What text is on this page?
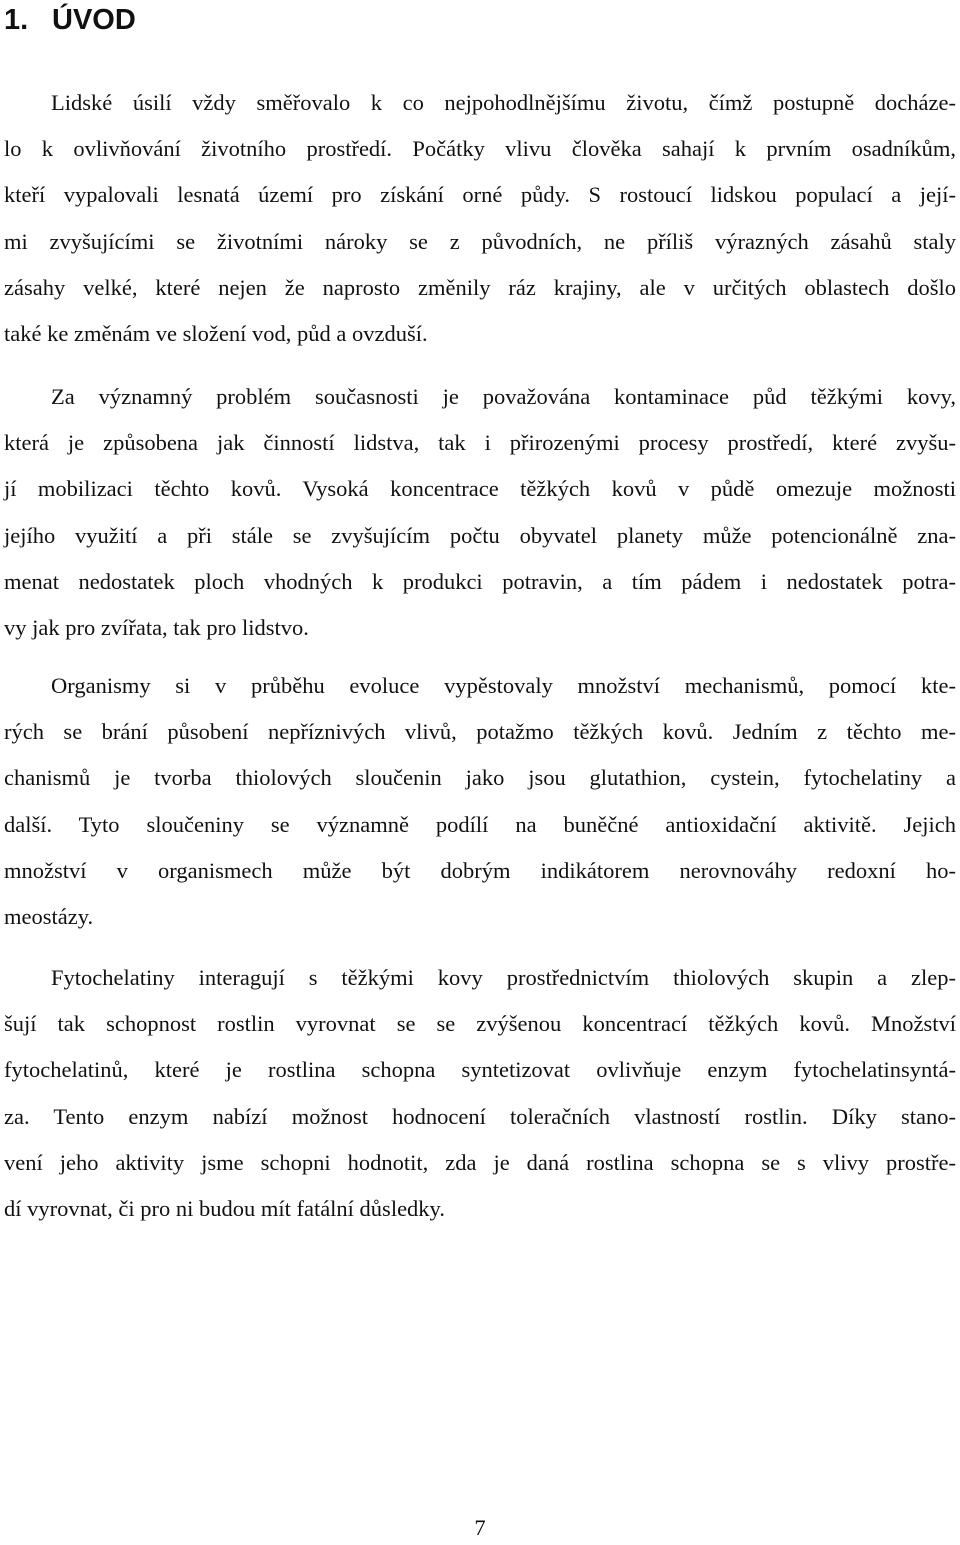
1. ÚVOD
Lidské úsilí vždy směřovalo k co nejpohodlnějšímu životu, čímž postupně docháze-
lo k ovlivňování životního prostředí. Počátky vlivu člověka sahají k prvním osadníkům,
kteří vypalovali lesnatá území pro získání orné půdy. S rostoucí lidskou populací a její-
mi zvyšujícími se životními nároky se z původních, ne příliš výrazných zásahů staly
zásahy velké, které nejen že naprosto změnily ráz krajiny, ale v určitých oblastech došlo
také ke změnám ve složení vod, půd a ovzduší.
Za významný problém současnosti je považována kontaminace půd těžkými kovy,
která je způsobena jak činností lidstva, tak i přirozenými procesy prostředí, které zvyšu-
jí mobilizaci těchto kovů. Vysoká koncentrace těžkých kovů v půdě omezuje možnosti
jejího využití a při stále se zvyšujícím počtu obyvatel planety může potencionálně zna-
menat nedostatek ploch vhodných k produkci potravin, a tím pádem i nedostatek potra-
vy jak pro zvířata, tak pro lidstvo.
Organismy si v průběhu evoluce vypěstovaly množství mechanismů, pomocí kte-
rých se brání působení nepříznivých vlivů, potažmo těžkých kovů. Jedním z těchto me-
chanismů je tvorba thiolových sloučenin jako jsou glutathion, cystein, fytochelatiny a
další. Tyto sloučeniny se významně podílí na buněčné antioxidační aktivitě. Jejich
množství v organismech může být dobrým indikátorem nerovnováhy redoxní ho-
meostázy.
Fytochelatiny interagují s těžkými kovy prostřednictvím thiolových skupin a zlep-
šují tak schopnost rostlin vyrovnat se se zvýšenou koncentrací těžkých kovů. Množství
fytochelatinů, které je rostlina schopna syntetizovat ovlivňuje enzym fytochelatinsyntá-
za. Tento enzym nabízí možnost hodnocení toleračních vlastností rostlin. Díky stano-
vení jeho aktivity jsme schopni hodnotit, zda je daná rostlina schopna se s vlivy prostře-
dí vyrovnat, či pro ni budou mít fatální důsledky.
7
